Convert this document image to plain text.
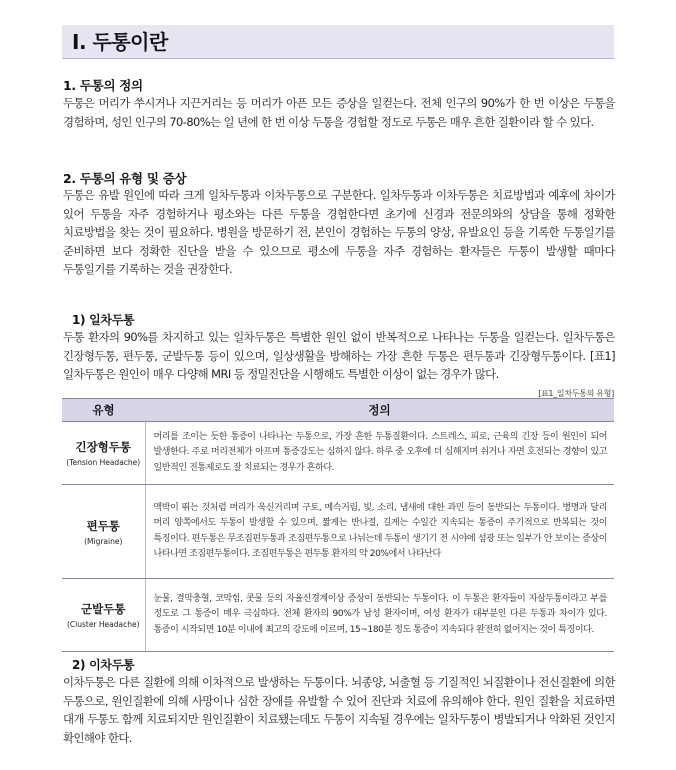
Ⅰ. 두통이란
1. 두통의 정의
두통은 머리가 쑤시거나 지끈거리는 등 머리가 아픈 모든 증상을 일컫는다. 전체 인구의 90%가 한 번 이상은 두통을 경험하며, 성인 인구의 70-80%는 일 년에 한 번 이상 두통을 경험할 정도로 두통은 매우 흔한 질환이라 할 수 있다.
2. 두통의 유형 및 증상
두통은 유발 원인에 따라 크게 일차두통과 이차두통으로 구분한다. 일차두통과 이차두통은 치료방법과 예후에 차이가 있어 두통을 자주 경험하거나 평소와는 다른 두통을 경험한다면 초기에 신경과 전문의와의 상담을 통해 정확한 치료방법을 찾는 것이 필요하다. 병원을 방문하기 전, 본인이 경험하는 두통의 양상, 유발요인 등을 기록한 두통일기를 준비하면 보다 정확한 진단을 받을 수 있으므로 평소에 두통을 자주 경험하는 환자들은 두통이 발생할 때마다 두통일기를 기록하는 것을 권장한다.
1) 일차두통
두통 환자의 90%를 차지하고 있는 일차두통은 특별한 원인 없이 반복적으로 나타나는 두통을 일컫는다. 일차두통은 긴장형두통, 편두통, 군발두통 등이 있으며, 일상생활을 방해하는 가장 흔한 두통은 편두통과 긴장형두통이다. [표1] 일차두통은 원인이 매우 다양해 MRI 등 정밀진단을 시행해도 특별한 이상이 없는 경우가 많다.
[표1_일차두통의 유형]
유형	정의

긴장형두통
(Tension Headache)	머리를 조이는 듯한 통증이 나타나는 두통으로, 가장 흔한 두통질환이다. 스트레스, 피로, 근육의 긴장 등이 원인이 되어 발생한다. 주로 머리전체가 아프며 통증강도는 심하지 않다. 하루 중 오후에 더 심해지며 쉬거나 자면 호전되는 경향이 있고 일반적인 진통제로도 잘 치료되는 경우가 흔하다.

편두통
(Migraine)	맥박이 뛰는 것처럼 머리가 욱신거리며 구토, 메슥거림, 빛, 소리, 냄새에 대한 과민 등이 동반되는 두통이다. 병명과 달리 머리 양쪽에서도 두통이 발생할 수 있으며, 짧게는 반나절, 길게는 수일간 지속되는 통증이 주기적으로 반복되는 것이 특징이다. 편두통은 무조짐편두통과 조짐편두통으로 나뉘는데 두통이 생기기 전 시야에 섬광 또는 일부가 안 보이는 증상이 나타나면 조짐편두통이다. 조짐편두통은 편두통 환자의 약 20%에서 나타난다

군발두통
(Cluster Headache)	눈물, 결막충혈, 코막힘, 콧물 등의 자율신경계이상 증상이 동반되는 두통이다. 이 두통은 환자들이 자살두통이라고 부를 정도로 그 통증이 매우 극심하다. 전체 환자의 90%가 남성 환자이며, 여성 환자가 대부분인 다른 두통과 차이가 있다. 통증이 시작되면 10분 이내에 최고의 강도에 이르며, 15~180분 정도 통증이 지속되다 완전히 없어지는 것이 특징이다.
2) 이차두통
이차두통은 다른 질환에 의해 이차적으로 발생하는 두통이다. 뇌종양, 뇌출혈 등 기질적인 뇌질환이나 전신질환에 의한 두통으로, 원인질환에 의해 사망이나 심한 장애를 유발할 수 있어 진단과 치료에 유의해야 한다. 원인 질환을 치료하면 대개 두통도 함께 치료되지만 원인질환이 치료됐는데도 두통이 지속될 경우에는 일차두통이 병발되거나 악화된 것인지 확인해야 한다.
